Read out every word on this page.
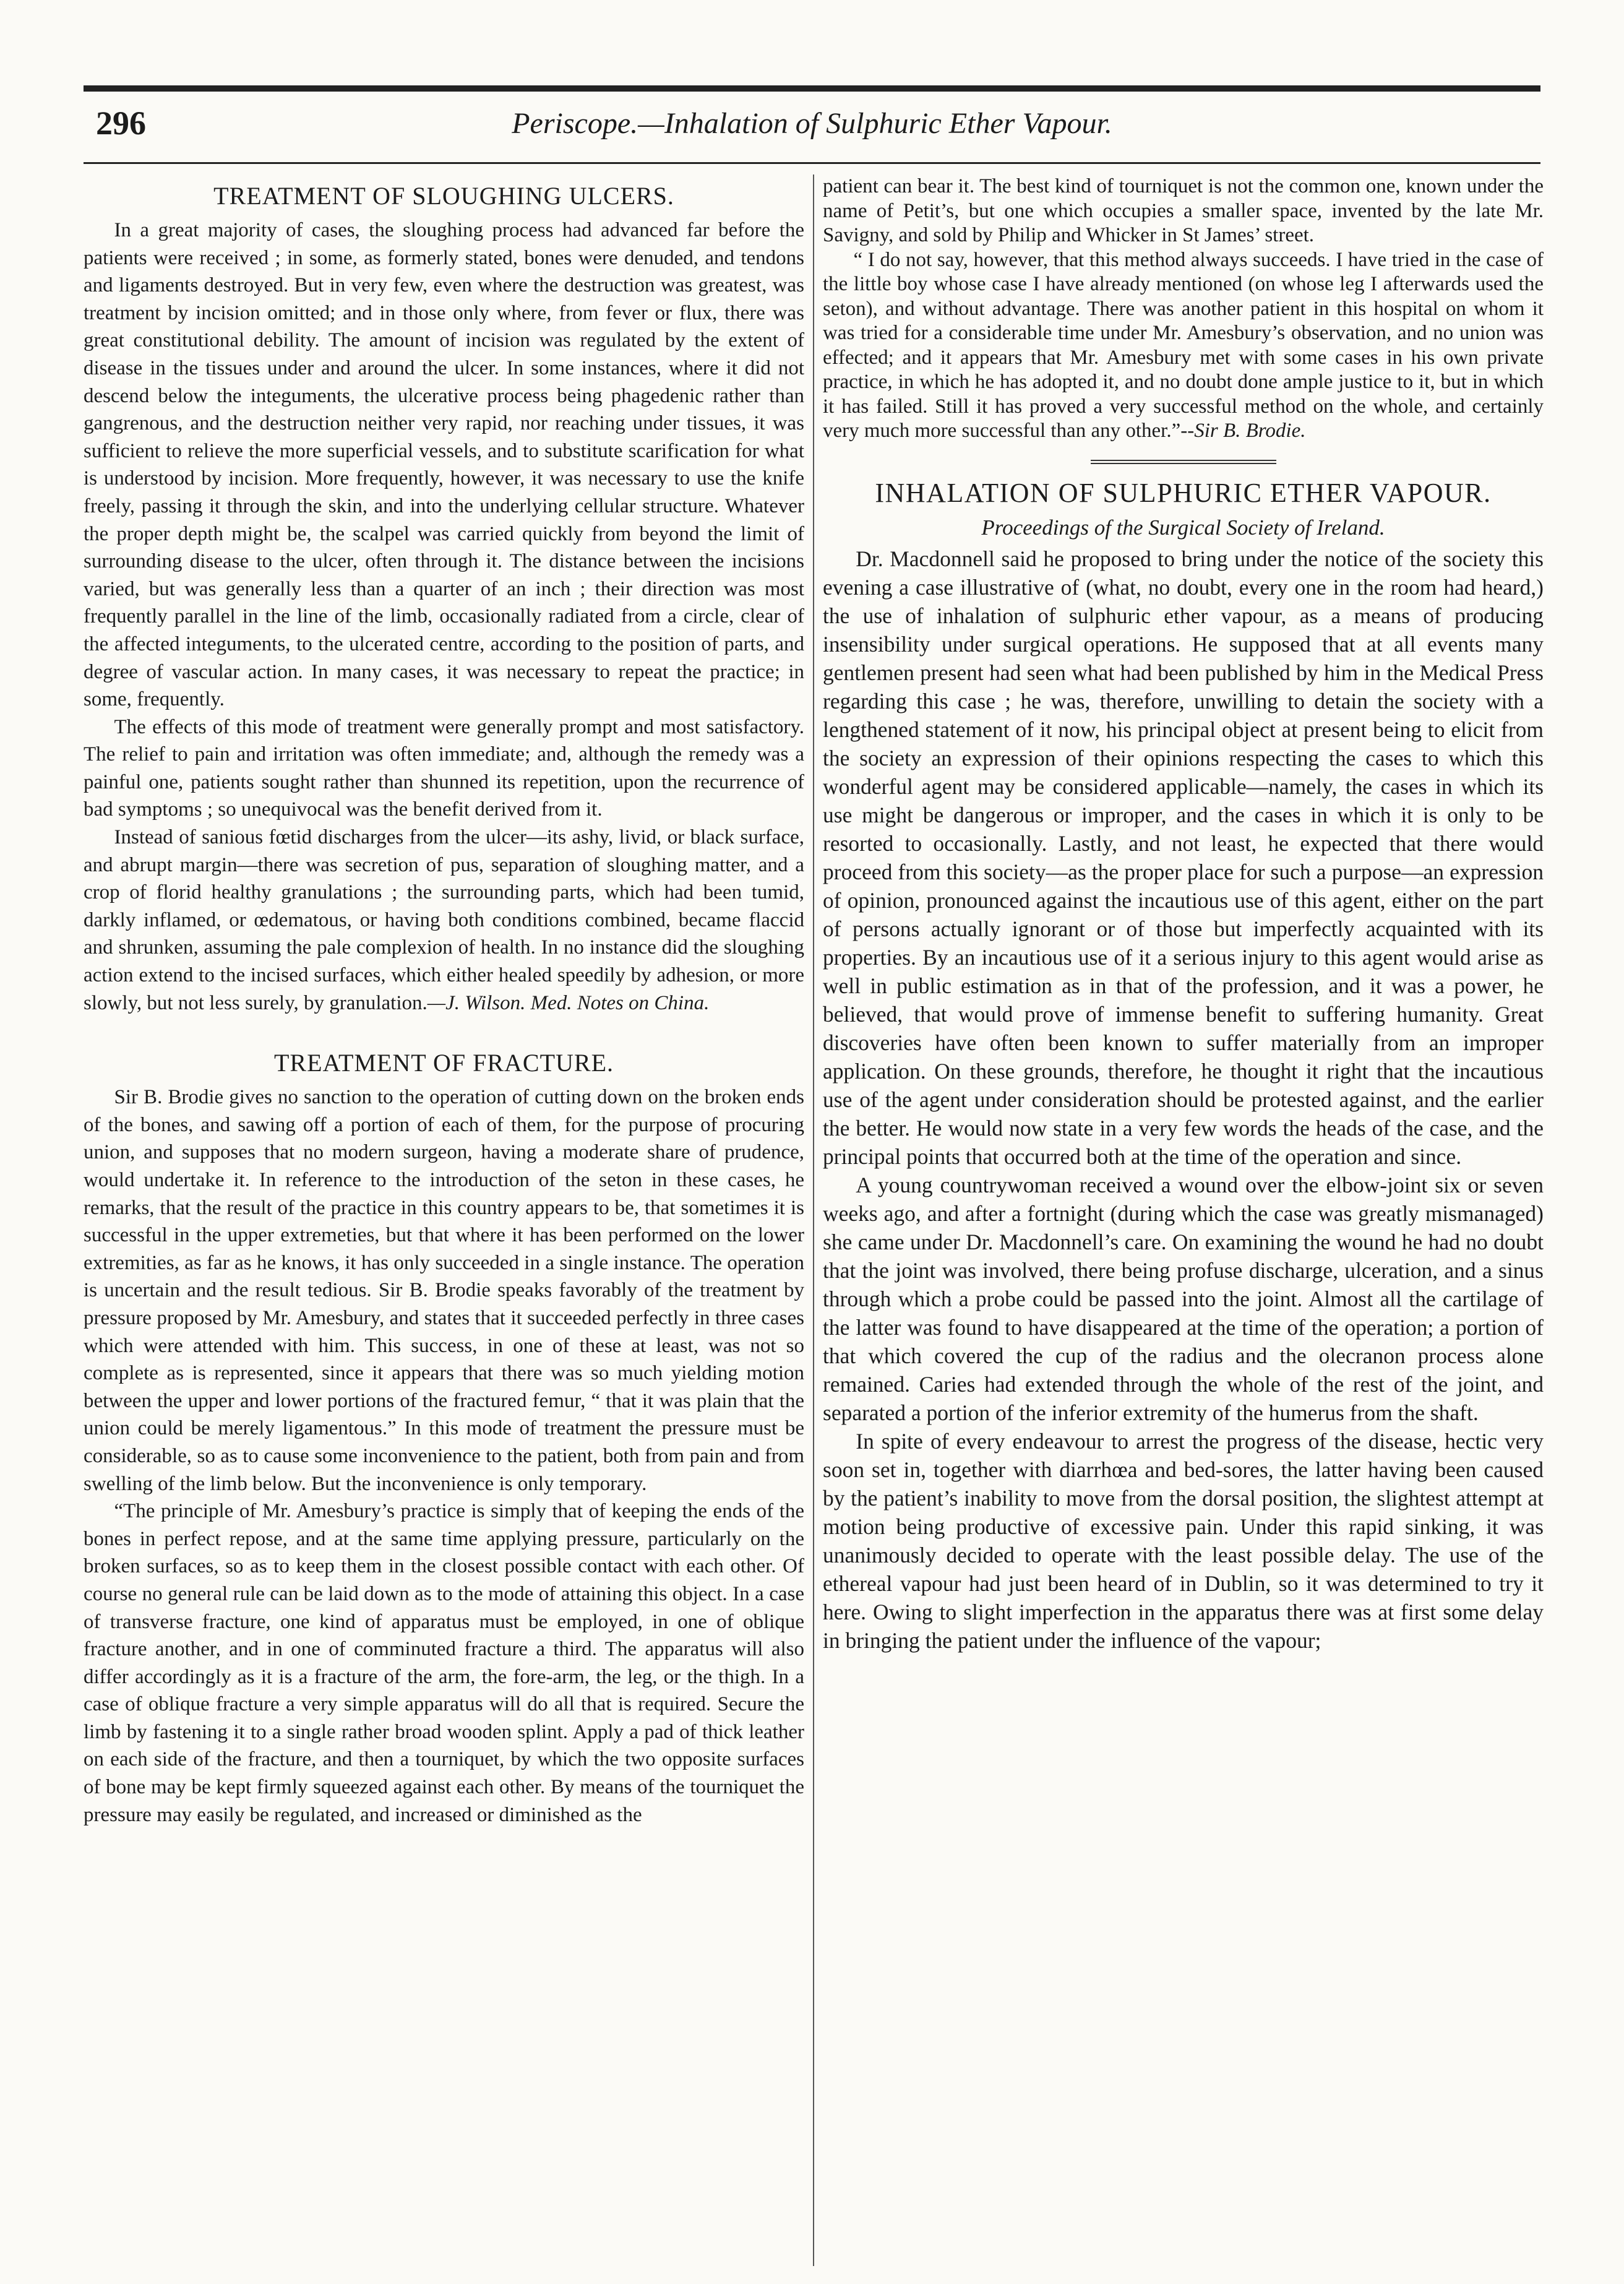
296	Periscope.—Inhalation of Sulphuric Ether Vapour.
TREATMENT OF SLOUGHING ULCERS.

In a great majority of cases, the sloughing process had advanced far before the patients were received ; in some, as formerly stated, bones were denuded, and tendons and ligaments destroyed. But in very few, even where the destruction was greatest, was treatment by incision omitted; and in those only where, from fever or flux, there was great constitutional debility. The amount of incision was regulated by the extent of disease in the tissues under and around the ulcer. In some instances, where it did not descend below the integuments, the ulcerative process being phagedenic rather than gangrenous, and the destruction neither very rapid, nor reaching under tissues, it was sufficient to relieve the more superficial vessels, and to substitute scarification for what is understood by incision. More frequently, however, it was necessary to use the knife freely, passing it through the skin, and into the underlying cellular structure. Whatever the proper depth might be, the scalpel was carried quickly from beyond the limit of surrounding disease to the ulcer, often through it. The distance between the incisions varied, but was generally less than a quarter of an inch ; their direction was most frequently parallel in the line of the limb, occasionally radiated from a circle, clear of the affected integuments, to the ulcerated centre, according to the position of parts, and degree of vascular action. In many cases, it was necessary to repeat the practice; in some, frequently.

The effects of this mode of treatment were generally prompt and most satisfactory. The relief to pain and irritation was often immediate; and, although the remedy was a painful one, patients sought rather than shunned its repetition, upon the recurrence of bad symptoms ; so unequivocal was the benefit derived from it.

Instead of sanious fœtid discharges from the ulcer—its ashy, livid, or black surface, and abrupt margin—there was secretion of pus, separation of sloughing matter, and a crop of florid healthy granulations ; the surrounding parts, which had been tumid, darkly inflamed, or œdematous, or having both conditions combined, became flaccid and shrunken, assuming the pale complexion of health. In no instance did the sloughing action extend to the incised surfaces, which either healed speedily by adhesion, or more slowly, but not less surely, by granulation.—J. Wilson. Med. Notes on China.

TREATMENT OF FRACTURE.

Sir B. Brodie gives no sanction to the operation of cutting down on the broken ends of the bones, and sawing off a portion of each of them, for the purpose of procuring union, and supposes that no modern surgeon, having a moderate share of prudence, would undertake it. In reference to the introduction of the seton in these cases, he remarks, that the result of the practice in this country appears to be, that sometimes it is successful in the upper extremeties, but that where it has been performed on the lower extremities, as far as he knows, it has only succeeded in a single instance. The operation is uncertain and the result tedious. Sir B. Brodie speaks favorably of the treatment by pressure proposed by Mr. Amesbury, and states that it succeeded perfectly in three cases which were attended with him. This success, in one of these at least, was not so complete as is represented, since it appears that there was so much yielding motion between the upper and lower portions of the fractured femur, “ that it was plain that the union could be merely ligamentous.” In this mode of treatment the pressure must be considerable, so as to cause some inconvenience to the patient, both from pain and from swelling of the limb below. But the inconvenience is only temporary.

“The principle of Mr. Amesbury’s practice is simply that of keeping the ends of the bones in perfect repose, and at the same time applying pressure, particularly on the broken surfaces, so as to keep them in the closest possible contact with each other. Of course no general rule can be laid down as to the mode of attaining this object. In a case of transverse fracture, one kind of apparatus must be employed, in one of oblique fracture another, and in one of comminuted fracture a third. The apparatus will also differ accordingly as it is a fracture of the arm, the fore-arm, the leg, or the thigh. In a case of oblique fracture a very simple apparatus will do all that is required. Secure the limb by fastening it to a single rather broad wooden splint. Apply a pad of thick leather on each side of the fracture, and then a tourniquet, by which the two opposite surfaces of bone may be kept firmly squeezed against each other. By means of the tourniquet the pressure may easily be regulated, and increased or diminished as the

patient can bear it. The best kind of tourniquet is not the common one, known under the name of Petit’s, but one which occupies a smaller space, invented by the late Mr. Savigny, and sold by Philip and Whicker in St James’ street.

“ I do not say, however, that this method always succeeds. I have tried in the case of the little boy whose case I have already mentioned (on whose leg I afterwards used the seton), and without advantage. There was another patient in this hospital on whom it was tried for a considerable time under Mr. Amesbury’s observation, and no union was effected; and it appears that Mr. Amesbury met with some cases in his own private practice, in which he has adopted it, and no doubt done ample justice to it, but in which it has failed. Still it has proved a very successful method on the whole, and certainly very much more successful than any other.”--Sir B. Brodie.

INHALATION OF SULPHURIC ETHER VAPOUR.
Proceedings of the Surgical Society of Ireland.

Dr. Macdonnell said he proposed to bring under the notice of the society this evening a case illustrative of (what, no doubt, every one in the room had heard,) the use of inhalation of sulphuric ether vapour, as a means of producing insensibility under surgical operations. He supposed that at all events many gentlemen present had seen what had been published by him in the Medical Press regarding this case ; he was, therefore, unwilling to detain the society with a lengthened statement of it now, his principal object at present being to elicit from the society an expression of their opinions respecting the cases to which this wonderful agent may be considered applicable—namely, the cases in which its use might be dangerous or improper, and the cases in which it is only to be resorted to occasionally. Lastly, and not least, he expected that there would proceed from this society—as the proper place for such a purpose—an expression of opinion, pronounced against the incautious use of this agent, either on the part of persons actually ignorant or of those but imperfectly acquainted with its properties. By an incautious use of it a serious injury to this agent would arise as well in public estimation as in that of the profession, and it was a power, he believed, that would prove of immense benefit to suffering humanity. Great discoveries have often been known to suffer materially from an improper application. On these grounds, therefore, he thought it right that the incautious use of the agent under consideration should be protested against, and the earlier the better. He would now state in a very few words the heads of the case, and the principal points that occurred both at the time of the operation and since.

A young countrywoman received a wound over the elbow-joint six or seven weeks ago, and after a fortnight (during which the case was greatly mismanaged) she came under Dr. Macdonnell’s care. On examining the wound he had no doubt that the joint was involved, there being profuse discharge, ulceration, and a sinus through which a probe could be passed into the joint. Almost all the cartilage of the latter was found to have disappeared at the time of the operation; a portion of that which covered the cup of the radius and the olecranon process alone remained. Caries had extended through the whole of the rest of the joint, and separated a portion of the inferior extremity of the humerus from the shaft.

In spite of every endeavour to arrest the progress of the disease, hectic very soon set in, together with diarrhœa and bed-sores, the latter having been caused by the patient’s inability to move from the dorsal position, the slightest attempt at motion being productive of excessive pain. Under this rapid sinking, it was unanimously decided to operate with the least possible delay. The use of the ethereal vapour had just been heard of in Dublin, so it was determined to try it here. Owing to slight imperfection in the apparatus there was at first some delay in bringing the patient under the influence of the vapour;
